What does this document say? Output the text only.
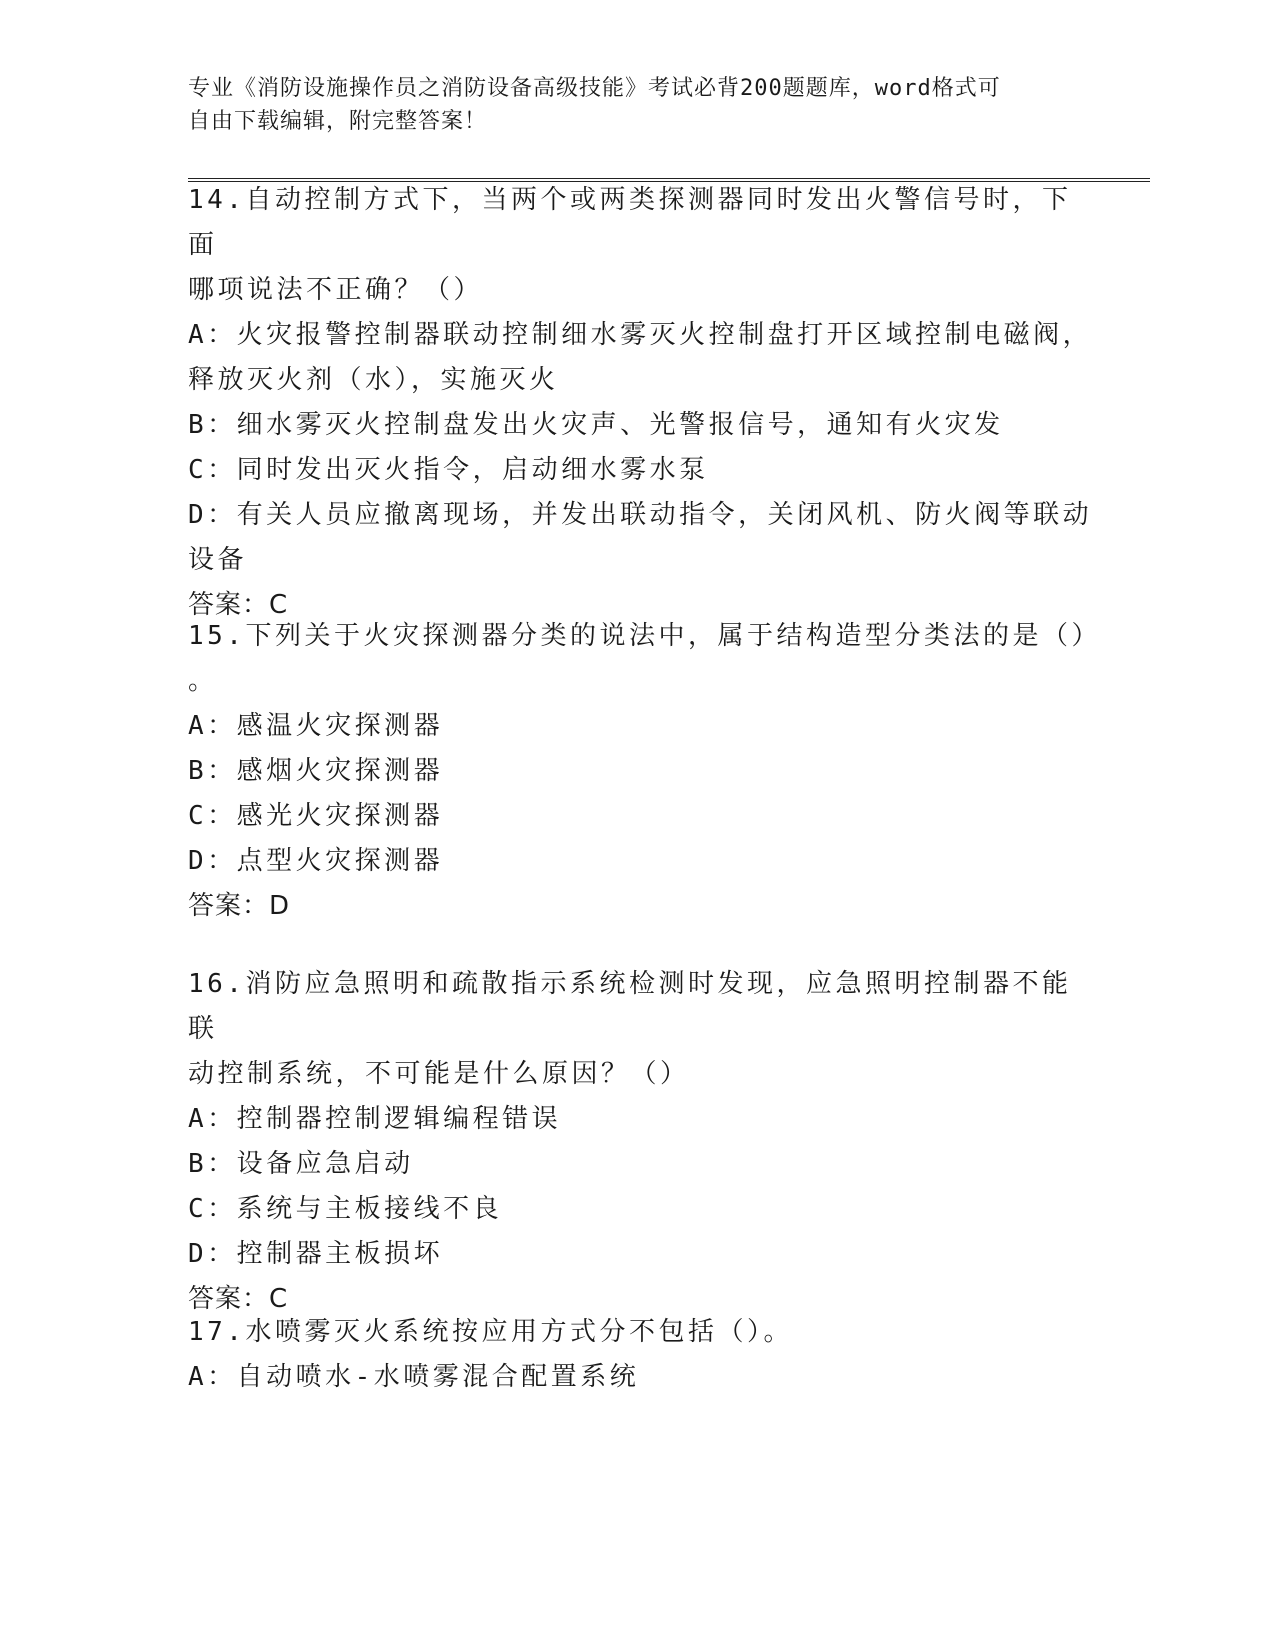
专业《消防设施操作员之消防设备高级技能》考试必背200题题库，word格式可
自由下载编辑，附完整答案！
14.自动控制方式下，当两个或两类探测器同时发出火警信号时，下面
哪项说法不正确？（）
A：火灾报警控制器联动控制细水雾灭火控制盘打开区域控制电磁阀，
释放灭火剂（水），实施灭火
B：细水雾灭火控制盘发出火灾声、光警报信号，通知有火灾发
C：同时发出灭火指令，启动细水雾水泵
D：有关人员应撤离现场，并发出联动指令，关闭风机、防火阀等联动
设备
答案：C
15.下列关于火灾探测器分类的说法中，属于结构造型分类法的是（）
。
A：感温火灾探测器
B：感烟火灾探测器
C：感光火灾探测器
D：点型火灾探测器
答案：D
16.消防应急照明和疏散指示系统检测时发现，应急照明控制器不能联
动控制系统，不可能是什么原因？（）
A：控制器控制逻辑编程错误
B：设备应急启动
C：系统与主板接线不良
D：控制器主板损坏
答案：C
17.水喷雾灭火系统按应用方式分不包括（）。
A：自动喷水-水喷雾混合配置系统
